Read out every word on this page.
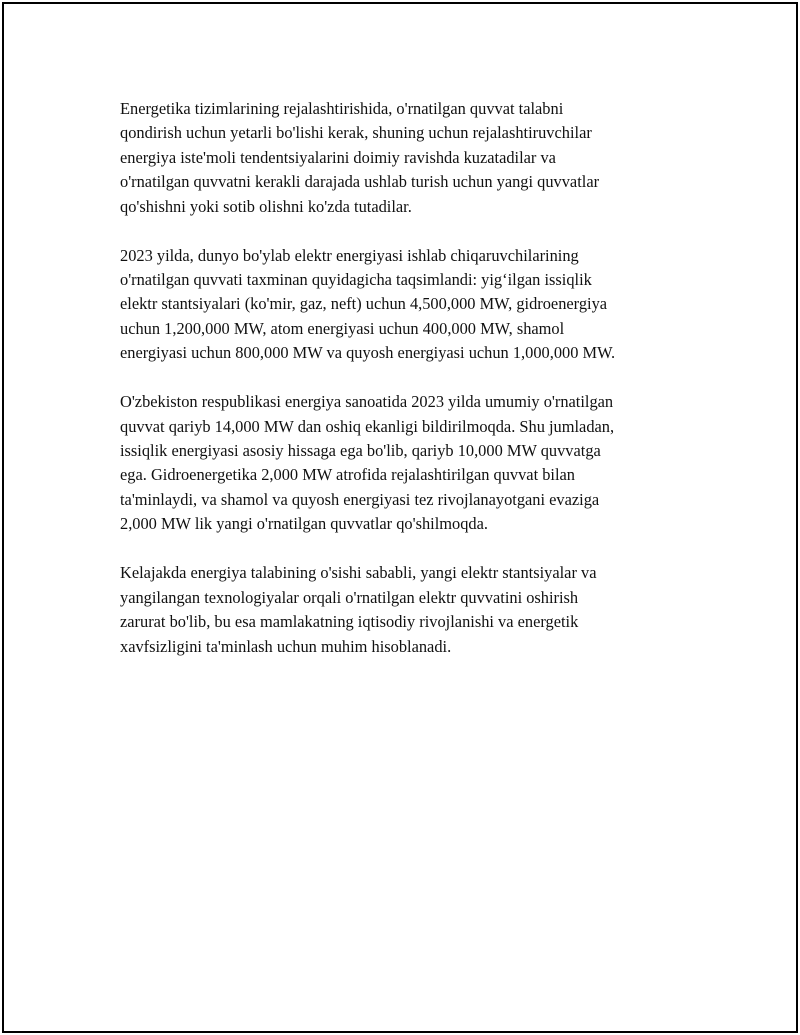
Energetika tizimlarining rejalashtirishida, o'rnatilgan quvvat talabni
qondirish uchun yetarli bo'lishi kerak, shuning uchun rejalashtiruvchilar
energiya iste'moli tendentsiyalarini doimiy ravishda kuzatadilar va
o'rnatilgan quvvatni kerakli darajada ushlab turish uchun yangi quvvatlar
qo'shishni yoki sotib olishni ko'zda tutadilar.

2023 yilda, dunyo bo'ylab elektr energiyasi ishlab chiqaruvchilarining
o'rnatilgan quvvati taxminan quyidagicha taqsimlandi: yig‘ilgan issiqlik
elektr stantsiyalari (ko'mir, gaz, neft) uchun 4,500,000 MW, gidroenergiya
uchun 1,200,000 MW, atom energiyasi uchun 400,000 MW, shamol
energiyasi uchun 800,000 MW va quyosh energiyasi uchun 1,000,000 MW.

O'zbekiston respublikasi energiya sanoatida 2023 yilda umumiy o'rnatilgan
quvvat qariyb 14,000 MW dan oshiq ekanligi bildirilmoqda. Shu jumladan,
issiqlik energiyasi asosiy hissaga ega bo'lib, qariyb 10,000 MW quvvatga
ega. Gidroenergetika 2,000 MW atrofida rejalashtirilgan quvvat bilan
ta'minlaydi, va shamol va quyosh energiyasi tez rivojlanayotgani evaziga
2,000 MW lik yangi o'rnatilgan quvvatlar qo'shilmoqda.

Kelajakda energiya talabining o'sishi sababli, yangi elektr stantsiyalar va
yangilangan texnologiyalar orqali o'rnatilgan elektr quvvatini oshirish
zarurat bo'lib, bu esa mamlakatning iqtisodiy rivojlanishi va energetik
xavfsizligini ta'minlash uchun muhim hisoblanadi.
